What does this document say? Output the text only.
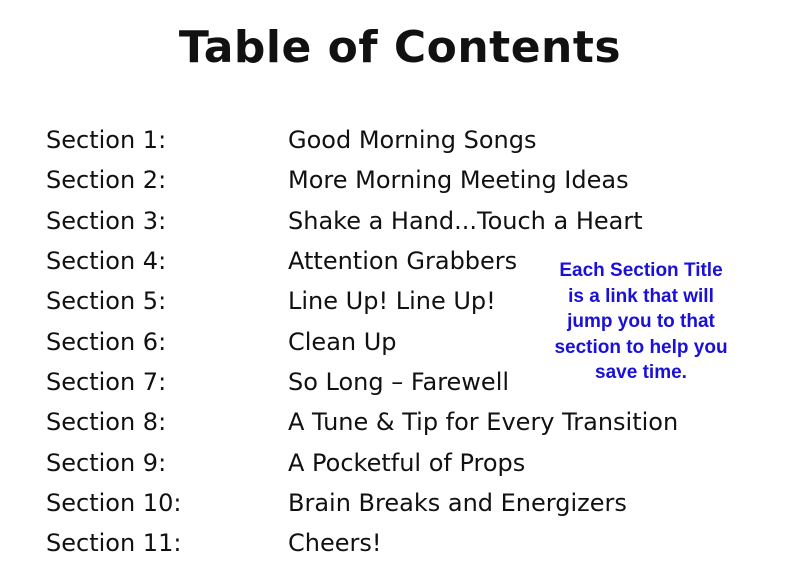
Table of Contents
Section 1:	Good Morning Songs
Section 2:	More Morning Meeting Ideas
Section 3:	Shake a Hand...Touch a Heart
Section 4:	Attention Grabbers
Section 5:	Line Up! Line Up!
Section 6:	Clean Up
Section 7:	So Long – Farewell
Section 8:	A Tune & Tip for Every Transition
Section 9:	A Pocketful of Props
Section 10:	Brain Breaks and Energizers
Section 11:	Cheers!
Each Section Title
is a link that will
jump you to that
section to help you
save time.
